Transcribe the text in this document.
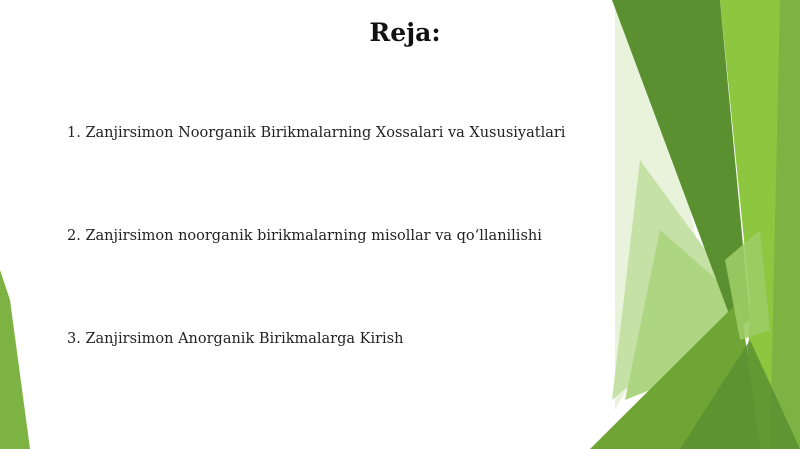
Reja:
1. Zanjirsimon Noorganik Birikmalarning Xossalari va Xususiyatlari
2. Zanjirsimon noorganik birikmalarning misollar va qo‘llanilishi
3. Zanjirsimon Anorganik Birikmalarga Kirish
